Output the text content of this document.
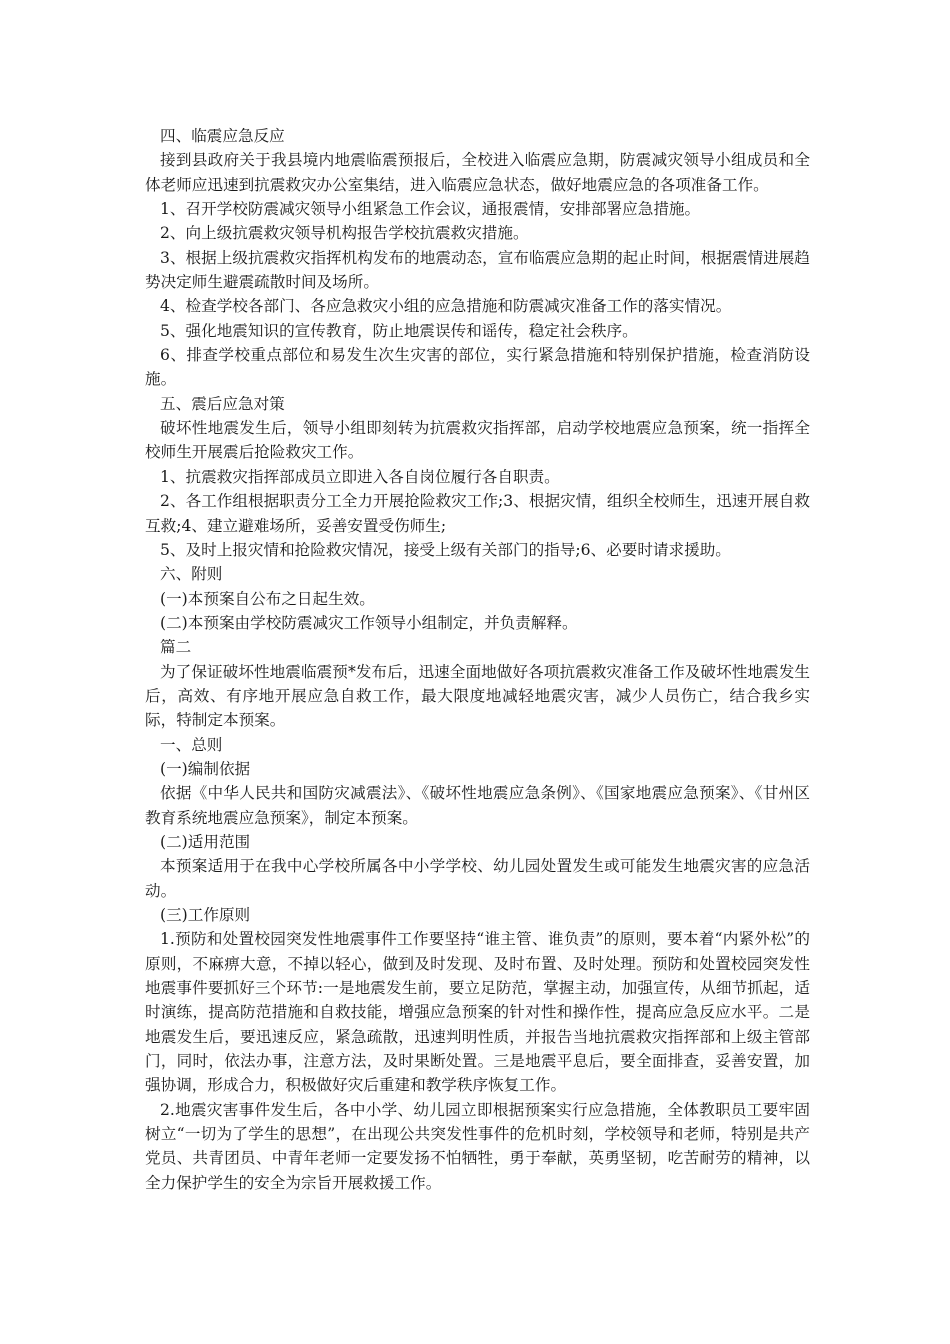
四、临震应急反应

接到县政府关于我县境内地震临震预报后，全校进入临震应急期，防震减灾领导小组成员和全体老师应迅速到抗震救灾办公室集结，进入临震应急状态，做好地震应急的各项准备工作。

1、召开学校防震减灾领导小组紧急工作会议，通报震情，安排部署应急措施。

2、向上级抗震救灾领导机构报告学校抗震救灾措施。

3、根据上级抗震救灾指挥机构发布的地震动态，宣布临震应急期的起止时间，根据震情进展趋势决定师生避震疏散时间及场所。

4、检查学校各部门、各应急救灾小组的应急措施和防震减灾准备工作的落实情况。

5、强化地震知识的宣传教育，防止地震误传和谣传，稳定社会秩序。

6、排查学校重点部位和易发生次生灾害的部位，实行紧急措施和特别保护措施，检查消防设施。

五、震后应急对策

破坏性地震发生后，领导小组即刻转为抗震救灾指挥部，启动学校地震应急预案，统一指挥全校师生开展震后抢险救灾工作。

1、抗震救灾指挥部成员立即进入各自岗位履行各自职责。

2、各工作组根据职责分工全力开展抢险救灾工作;3、根据灾情，组织全校师生，迅速开展自救互救;4、建立避难场所，妥善安置受伤师生;

5、及时上报灾情和抢险救灾情况，接受上级有关部门的指导;6、必要时请求援助。

六、附则

(一)本预案自公布之日起生效。

(二)本预案由学校防震减灾工作领导小组制定，并负责解释。

篇二

为了保证破坏性地震临震预*发布后，迅速全面地做好各项抗震救灾准备工作及破坏性地震发生后，高效、有序地开展应急自救工作，最大限度地减轻地震灾害，减少人员伤亡，结合我乡实际，特制定本预案。

一、总则

(一)编制依据

依据《中华人民共和国防灾减震法》、《破坏性地震应急条例》、《国家地震应急预案》、《甘州区教育系统地震应急预案》，制定本预案。

(二)适用范围

本预案适用于在我中心学校所属各中小学学校、幼儿园处置发生或可能发生地震灾害的应急活动。

(三)工作原则

1.预防和处置校园突发性地震事件工作要坚持“谁主管、谁负责”的原则，要本着“内紧外松”的原则，不麻痹大意，不掉以轻心，做到及时发现、及时布置、及时处理。预防和处置校园突发性地震事件要抓好三个环节:一是地震发生前，要立足防范，掌握主动，加强宣传，从细节抓起，适时演练，提高防范措施和自救技能，增强应急预案的针对性和操作性，提高应急反应水平。二是地震发生后，要迅速反应，紧急疏散，迅速判明性质，并报告当地抗震救灾指挥部和上级主管部门，同时，依法办事，注意方法，及时果断处置。三是地震平息后，要全面排查，妥善安置，加强协调，形成合力，积极做好灾后重建和教学秩序恢复工作。

2.地震灾害事件发生后，各中小学、幼儿园立即根据预案实行应急措施，全体教职员工要牢固树立“一切为了学生的思想”，在出现公共突发性事件的危机时刻，学校领导和老师，特别是共产党员、共青团员、中青年老师一定要发扬不怕牺牲，勇于奉献，英勇坚韧，吃苦耐劳的精神，以全力保护学生的安全为宗旨开展救援工作。
